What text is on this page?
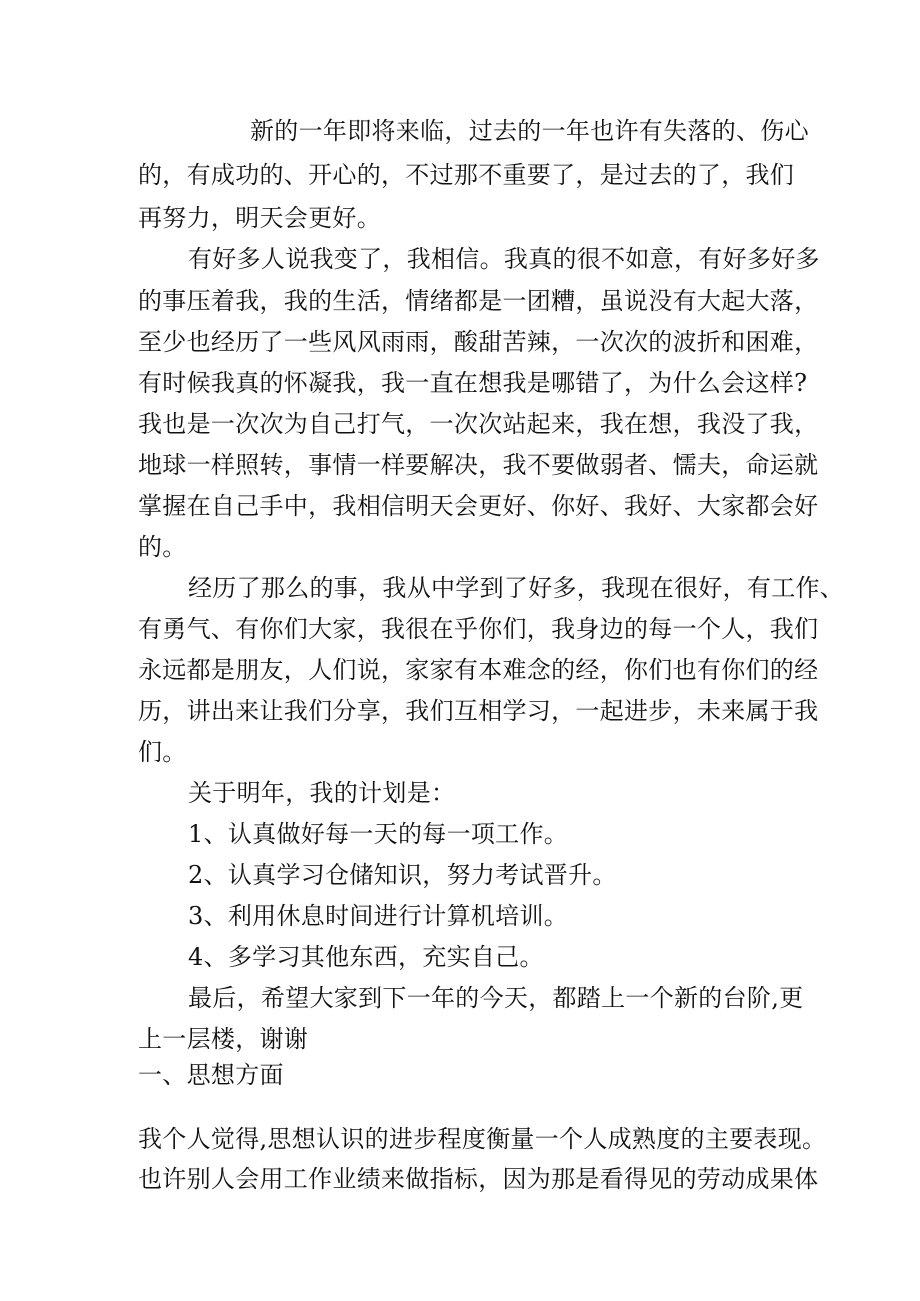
新的一年即将来临，过去的一年也许有失落的、伤心
的，有成功的、开心的，不过那不重要了，是过去的了，我们
再努力，明天会更好。
有好多人说我变了，我相信。我真的很不如意，有好多好多
的事压着我，我的生活，情绪都是一团糟，虽说没有大起大落，
至少也经历了一些风风雨雨，酸甜苦辣，一次次的波折和困难，
有时候我真的怀凝我，我一直在想我是哪错了，为什么会这样?
我也是一次次为自己打气，一次次站起来，我在想，我没了我，
地球一样照转，事情一样要解决，我不要做弱者、懦夫，命运就
掌握在自己手中，我相信明天会更好、你好、我好、大家都会好
的。
经历了那么的事，我从中学到了好多，我现在很好，有工作、
有勇气、有你们大家，我很在乎你们，我身边的每一个人，我们
永远都是朋友，人们说，家家有本难念的经，你们也有你们的经
历，讲出来让我们分享，我们互相学习，一起进步，未来属于我
们。
关于明年，我的计划是：
1、认真做好每一天的每一项工作。
2、认真学习仓储知识，努力考试晋升。
3、利用休息时间进行计算机培训。
4、多学习其他东西，充实自己。
最后，希望大家到下一年的今天，都踏上一个新的台阶,更
上一层楼，谢谢
一、思想方面
我个人觉得,思想认识的进步程度衡量一个人成熟度的主要表现。
也许别人会用工作业绩来做指标，因为那是看得见的劳动成果体
